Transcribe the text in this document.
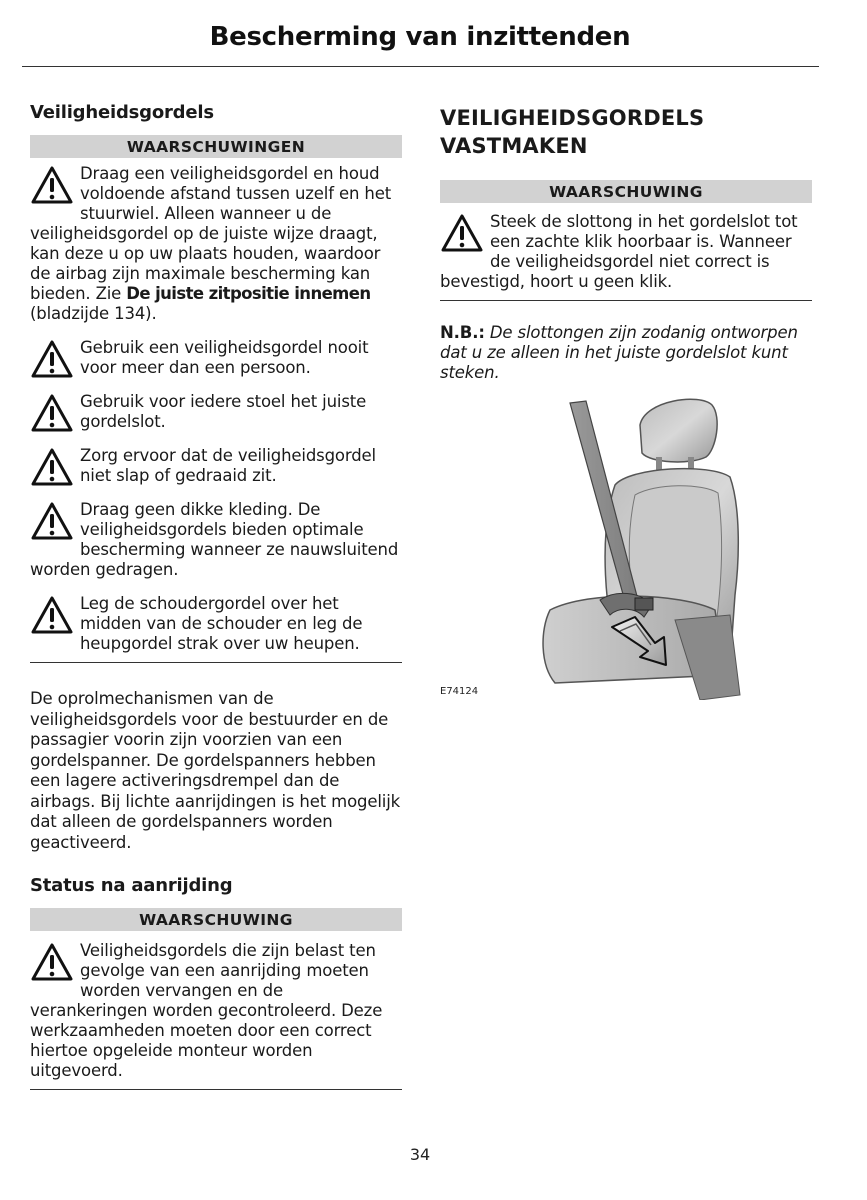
Bescherming van inzittenden
Veiligheidsgordels
WAARSCHUWINGEN
Draag een veiligheidsgordel en houd voldoende afstand tussen uzelf en het stuurwiel. Alleen wanneer u de veiligheidsgordel op de juiste wijze draagt, kan deze u op uw plaats houden, waardoor de airbag zijn maximale bescherming kan bieden. Zie De juiste zitpositie innemen (bladzijde 134).
Gebruik een veiligheidsgordel nooit voor meer dan een persoon.
Gebruik voor iedere stoel het juiste gordelslot.
Zorg ervoor dat de veiligheidsgordel niet slap of gedraaid zit.
Draag geen dikke kleding. De veiligheidsgordels bieden optimale bescherming wanneer ze nauwsluitend worden gedragen.
Leg de schoudergordel over het midden van de schouder en leg de heupgordel strak over uw heupen.
De oprolmechanismen van de veiligheidsgordels voor de bestuurder en de passagier voorin zijn voorzien van een gordelspanner. De gordelspanners hebben een lagere activeringsdrempel dan de airbags. Bij lichte aanrijdingen is het mogelijk dat alleen de gordelspanners worden geactiveerd.
Status na aanrijding
WAARSCHUWING
Veiligheidsgordels die zijn belast ten gevolge van een aanrijding moeten worden vervangen en de verankeringen worden gecontroleerd. Deze werkzaamheden moeten door een correct hiertoe opgeleide monteur worden uitgevoerd.
VEILIGHEIDSGORDELS
VASTMAKEN
WAARSCHUWING
Steek de slottong in het gordelslot tot een zachte klik hoorbaar is. Wanneer de veiligheidsgordel niet correct is bevestigd, hoort u geen klik.
N.B.: De slottongen zijn zodanig ontworpen dat u ze alleen in het juiste gordelslot kunt steken.
E74124
34
